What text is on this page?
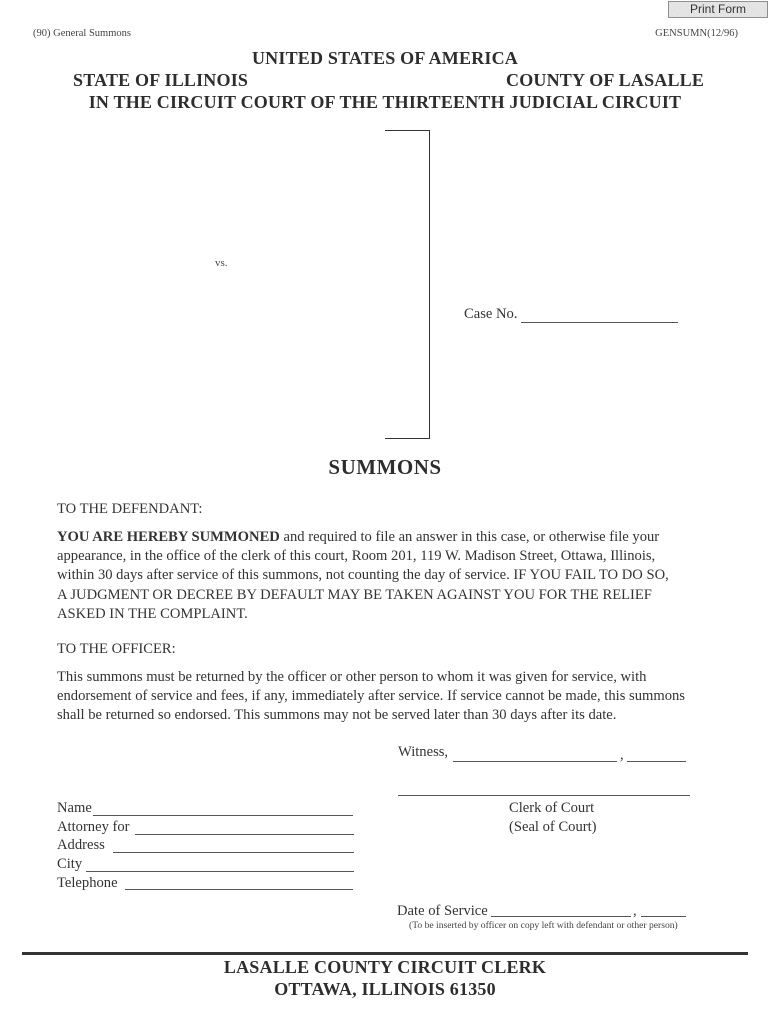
Print Form
(90) General Summons	GENSUMN(12/96)
UNITED STATES OF AMERICA
STATE OF ILLINOIS	COUNTY OF LASALLE
IN THE CIRCUIT COURT OF THE THIRTEENTH JUDICIAL CIRCUIT
vs.
Case No.
SUMMONS
TO THE DEFENDANT:
YOU ARE HEREBY SUMMONED and required to file an answer in this case, or otherwise file your
appearance, in the office of the clerk of this court, Room 201, 119 W. Madison Street, Ottawa, Illinois,
within 30 days after service of this summons, not counting the day of service. IF YOU FAIL TO DO SO,
A JUDGMENT OR DECREE BY DEFAULT MAY BE TAKEN AGAINST YOU FOR THE RELIEF
ASKED IN THE COMPLAINT.
TO THE OFFICER:
This summons must be returned by the officer or other person to whom it was given for service, with
endorsement of service and fees, if any, immediately after service. If service cannot be made, this summons
shall be returned so endorsed. This summons may not be served later than 30 days after its date.
Witness,	,
Clerk of Court
(Seal of Court)
Name
Attorney for
Address
City
Telephone
Date of Service	,
(To be inserted by officer on copy left with defendant or other person)
LASALLE COUNTY CIRCUIT CLERK
OTTAWA, ILLINOIS 61350
